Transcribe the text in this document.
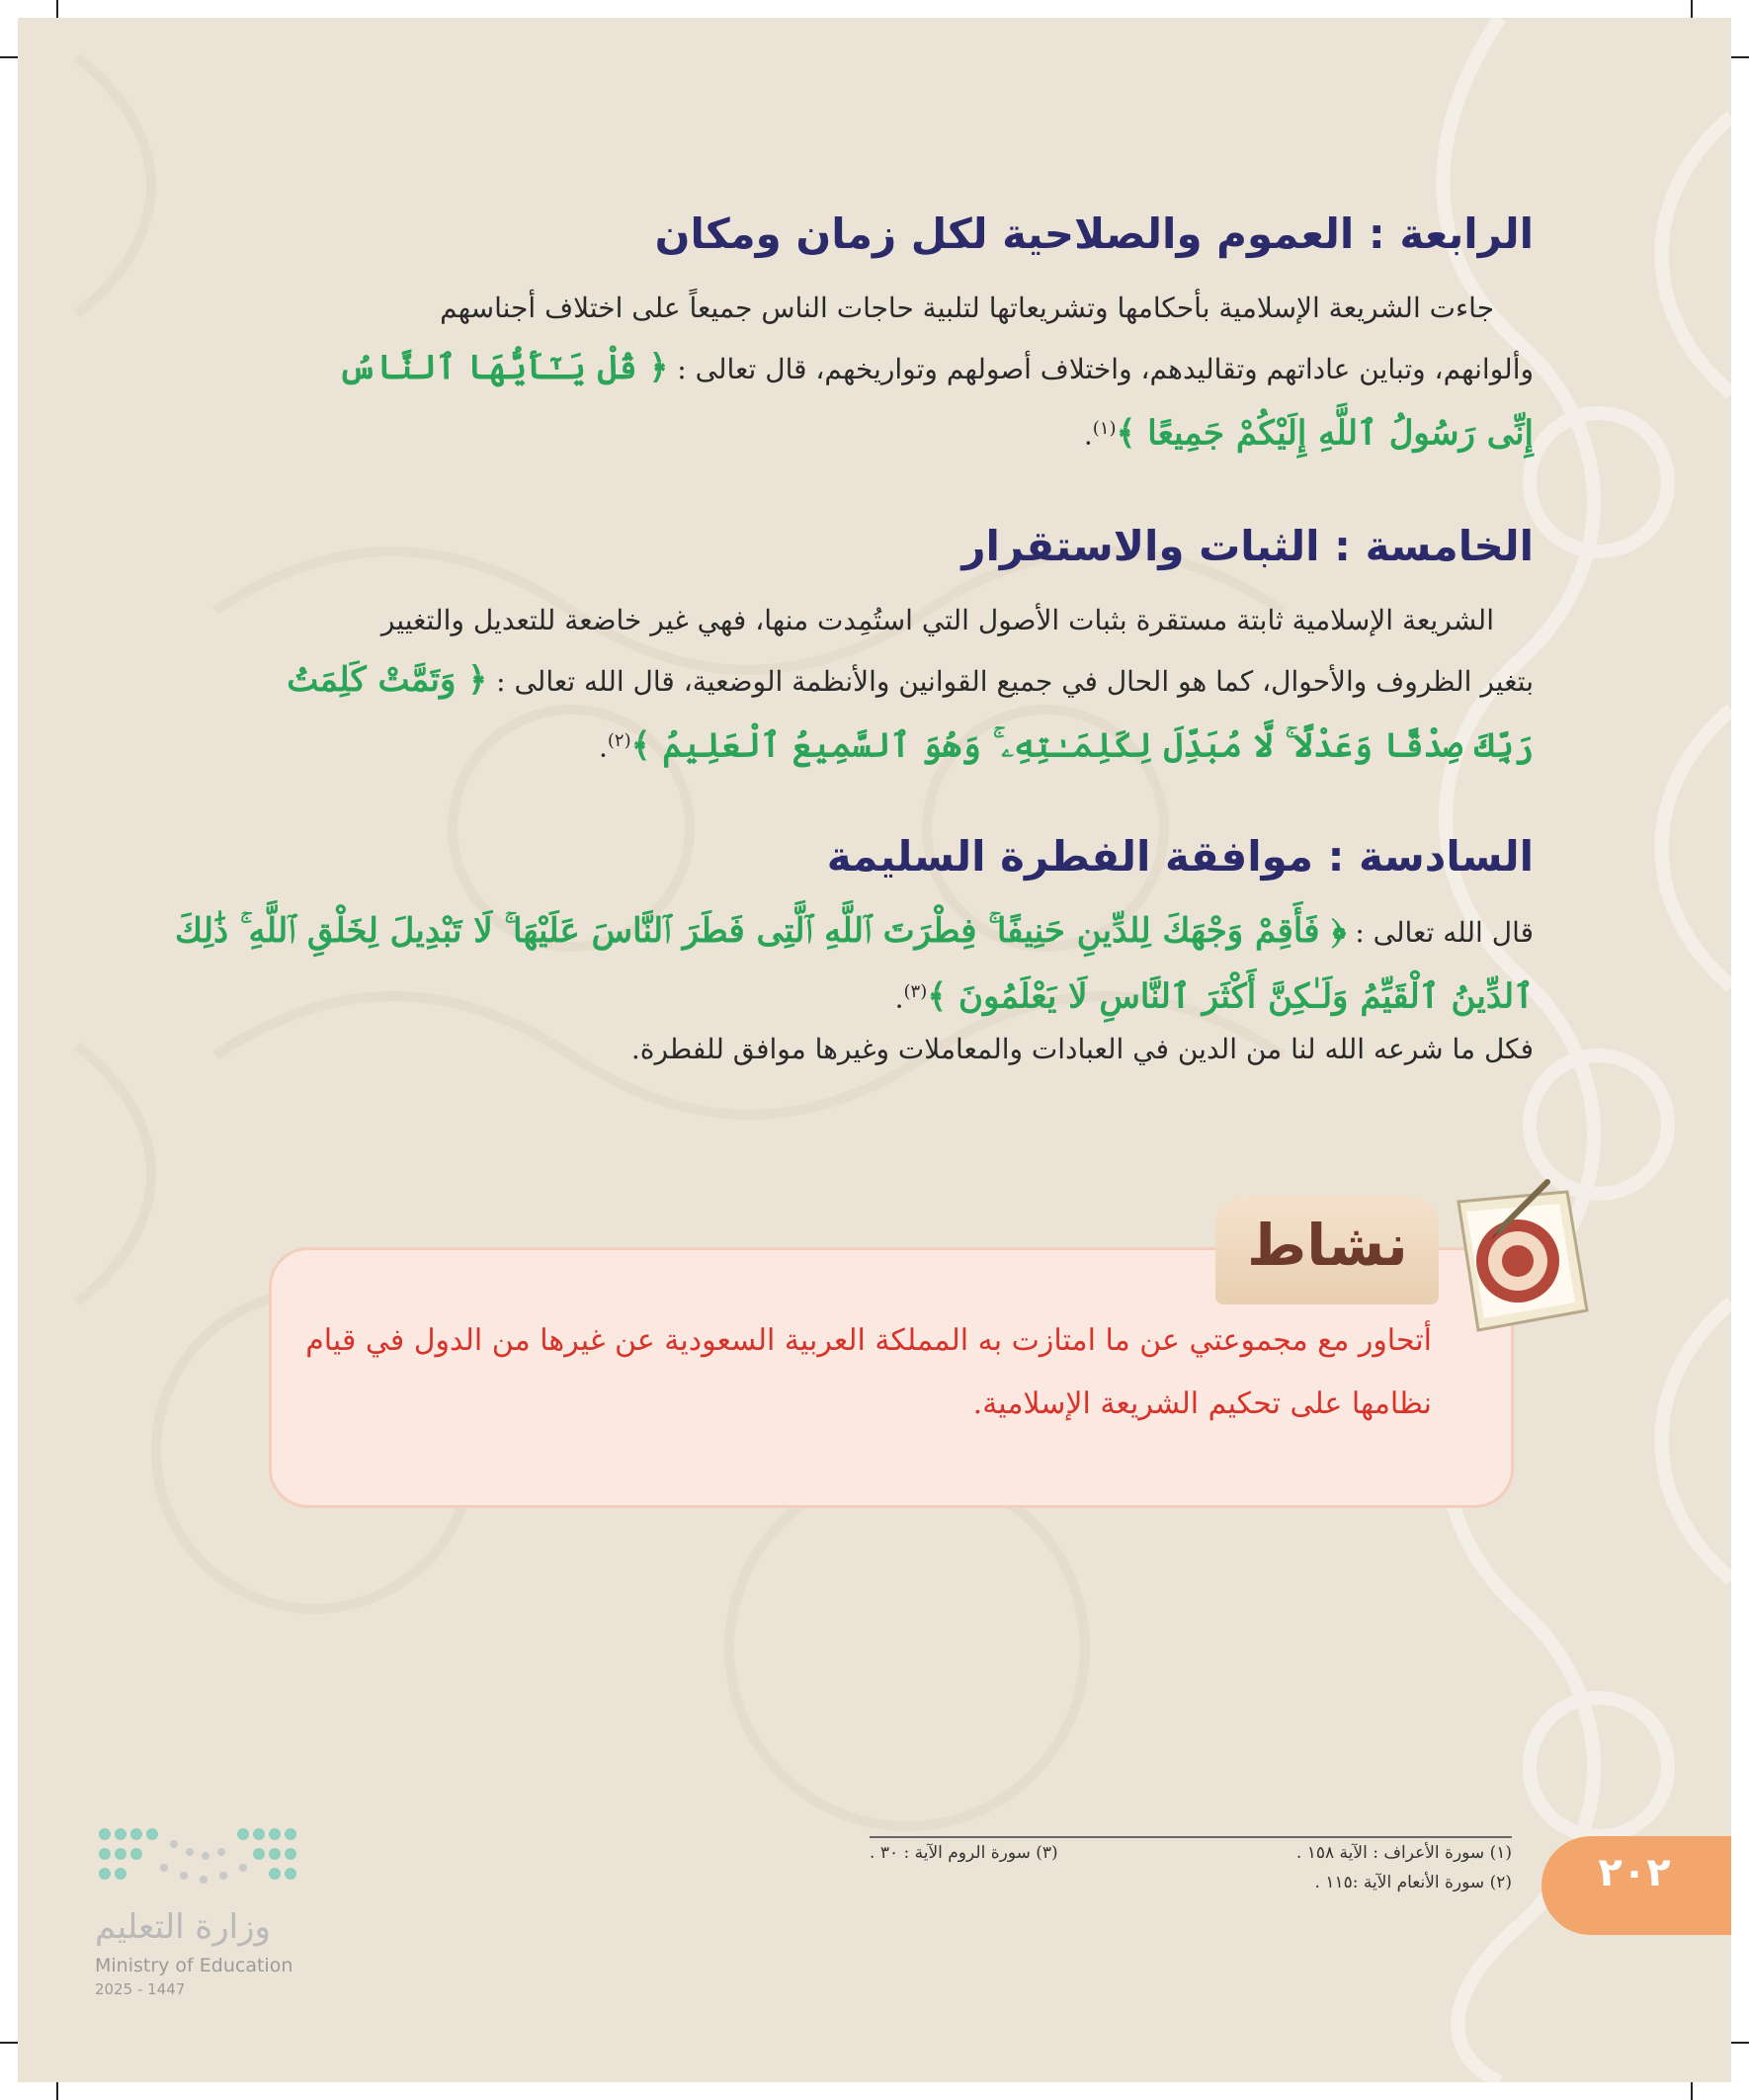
الرابعة : العموم والصلاحية لكل زمان ومكان
جاءت الشريعة الإسلامية بأحكامها وتشريعاتها لتلبية حاجات الناس جميعاً على اختلاف أجناسهم
وألوانهم، وتباين عاداتهم وتقاليدهم، واختلاف أصولهم وتواريخهم، قال تعالى : ﴿ قُلْ يَـٰٓأَيُّهَا ٱلنَّاسُ
إِنِّى رَسُولُ ٱللَّهِ إِلَيْكُمْ جَمِيعًا ﴾$^{(١)}$.
الخامسة : الثبات والاستقرار
الشريعة الإسلامية ثابتة مستقرة بثبات الأصول التي استُمِدت منها، فهي غير خاضعة للتعديل والتغيير
بتغير الظروف والأحوال، كما هو الحال في جميع القوانين والأنظمة الوضعية، قال الله تعالى : ﴿ وَتَمَّتْ كَلِمَتُ
رَبِّكَ صِدْقًا وَعَدْلًا ۚ لَّا مُبَدِّلَ لِكَلِمَـٰتِهِۦ ۚ وَهُوَ ٱلسَّمِيعُ ٱلْعَلِيمُ ﴾$^{(٢)}$.
السادسة : موافقة الفطرة السليمة
قال الله تعالى : ﴿ فَأَقِمْ وَجْهَكَ لِلدِّينِ حَنِيفًا ۚ فِطْرَتَ ٱللَّهِ ٱلَّتِى فَطَرَ ٱلنَّاسَ عَلَيْهَا ۚ لَا تَبْدِيلَ لِخَلْقِ ٱللَّهِ ۚ ذَٰلِكَ
ٱلدِّينُ ٱلْقَيِّمُ وَلَـٰكِنَّ أَكْثَرَ ٱلنَّاسِ لَا يَعْلَمُونَ ﴾$^{(٣)}$.
فكل ما شرعه الله لنا من الدين في العبادات والمعاملات وغيرها موافق للفطرة.
أتحاور مع مجموعتي عن ما امتازت به المملكة العربية السعودية عن غيرها من الدول في قيام
نظامها على تحكيم الشريعة الإسلامية.
نشاط
(١) سورة الأعراف : الآية ١٥٨ .
(٣) سورة الروم الآية : ٣٠ .
(٢) سورة الأنعام الآية :١١٥ .	٢٠٢
وزارة التعليم
Ministry of Education
2025 - 1447
